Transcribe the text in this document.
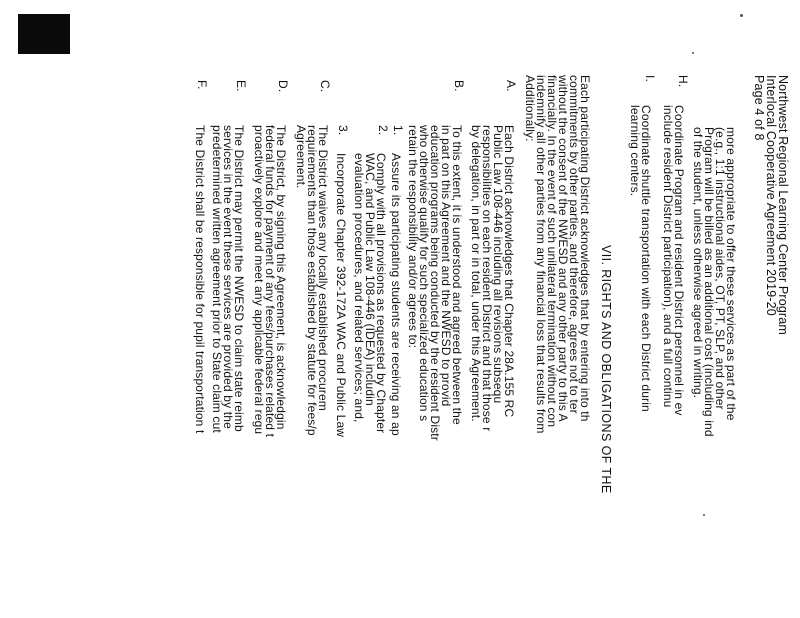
Northwest Regional Learning Center Program
Interlocal Cooperative Agreement 2019-20
Page 4 of 8
more appropriate to offer these services as part of the
(e.g., 1:1 instructional aides, OT, PT, SLP, and other
Program will be billed as an additional cost (including ind
of the student, unless otherwise agreed in writing.
H.
Coordinate Program and resident District personnel in ev
include resident District participation), and a full continu
I.
Coordinate shuttle transportation with each District durin
learning centers.
VII. RIGHTS AND OBLIGATIONS OF THE
Each participating District acknowledges that by entering into th
commitments by other parties, and therefore, agrees not to ter
without the consent of the NWESD and any other party to this A
financially. In the event of such unilateral termination without con
indemnify all other parties from any financial loss that results from
Additionally:
A.
Each District acknowledges that Chapter 28A.155 RC
Public Law 108-446 including all revisions subsequ
responsibilities on each resident District and that those r
by delegation, in part or in total, under this Agreement.
B.
To this extent, it is understood and agreed between the
in part on this Agreement and the NWESD to provid
education programs being conducted by the resident Distr
who otherwise qualify for such specialized education s
retain the responsibility and/or agrees to:
1.
Assure its participating students are receiving an ap
2.
Comply with all provisions as requested by Chapter
WAC, and Public Law 108-446 (IDEA) includin
evaluation procedures, and related services; and,
3.
Incorporate Chapter 392-172A WAC and Public Law
C.
The District waives any locally established procurem
requirements than those established by statute for fees/p
Agreement.
D.
The District, by signing this Agreement, is acknowledgin
federal funds for payment of any fees/purchases related t
proactively explore and meet any applicable federal regu
E.
The District may permit the NWESD to claim state reimb
services in the event these services are provided by the
predetermined written agreement prior to State claim cut
F.
The District shall be responsible for pupil transportation t
